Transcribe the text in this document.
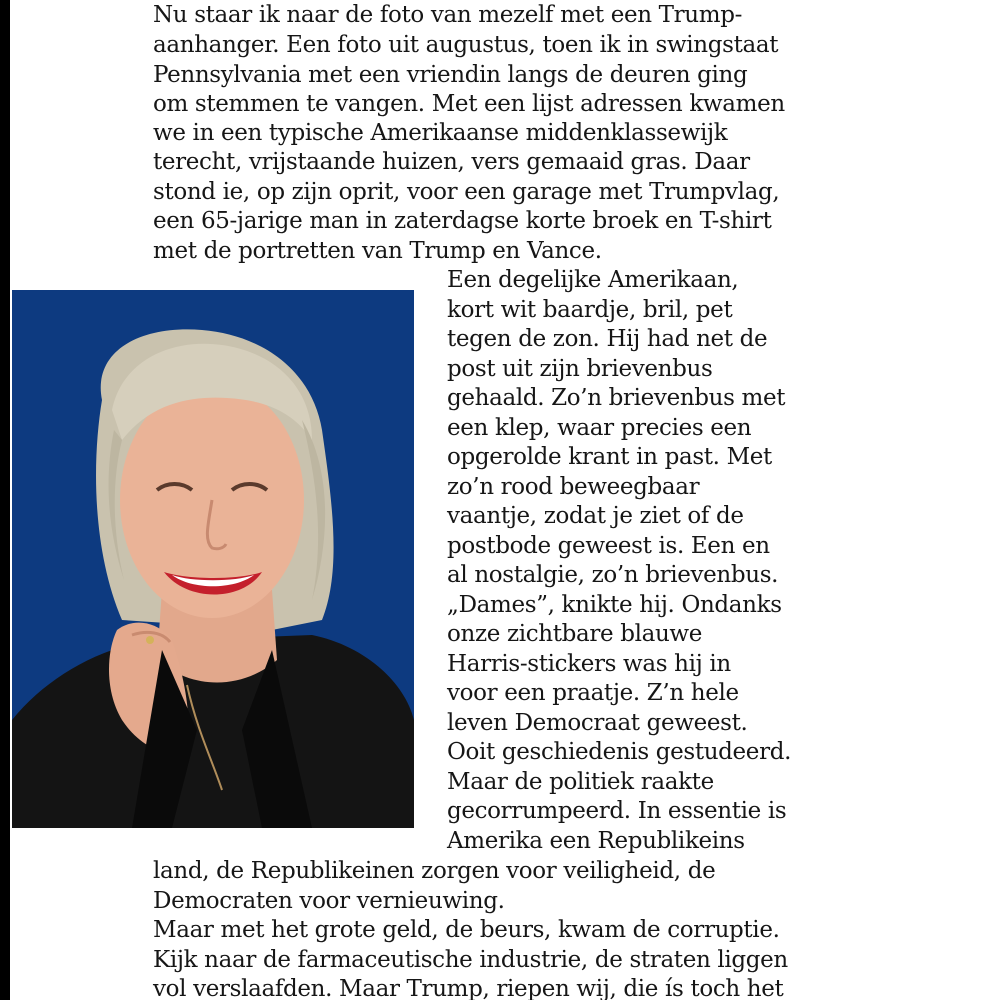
Nu staar ik naar de foto van mezelf met een Trump-
aanhanger. Een foto uit augustus, toen ik in swingstaat
Pennsylvania met een vriendin langs de deuren ging
om stemmen te vangen. Met een lijst adressen kwamen
we in een typische Amerikaanse middenklassewijk
terecht, vrijstaande huizen, vers gemaaid gras. Daar
stond ie, op zijn oprit, voor een garage met Trumpvlag,
een 65-jarige man in zaterdagse korte broek en T-shirt
met de portretten van Trump en Vance.
Een degelijke Amerikaan,
kort wit baardje, bril, pet
tegen de zon. Hij had net de
post uit zijn brievenbus
gehaald. Zo’n brievenbus met
een klep, waar precies een
opgerolde krant in past. Met
zo’n rood beweegbaar
vaantje, zodat je ziet of de
postbode geweest is. Een en
al nostalgie, zo’n brievenbus.
„Dames”, knikte hij. Ondanks
onze zichtbare blauwe
Harris-stickers was hij in
voor een praatje. Z’n hele
leven Democraat geweest.
Ooit geschiedenis gestudeerd.
Maar de politiek raakte
gecorrumpeerd. In essentie is
Amerika een Republikeins
land, de Republikeinen zorgen voor veiligheid, de
Democraten voor vernieuwing.
Maar met het grote geld, de beurs, kwam de corruptie.
Kijk naar de farmaceutische industrie, de straten liggen
vol verslaafden. Maar Trump, riepen wij, die ís toch het
